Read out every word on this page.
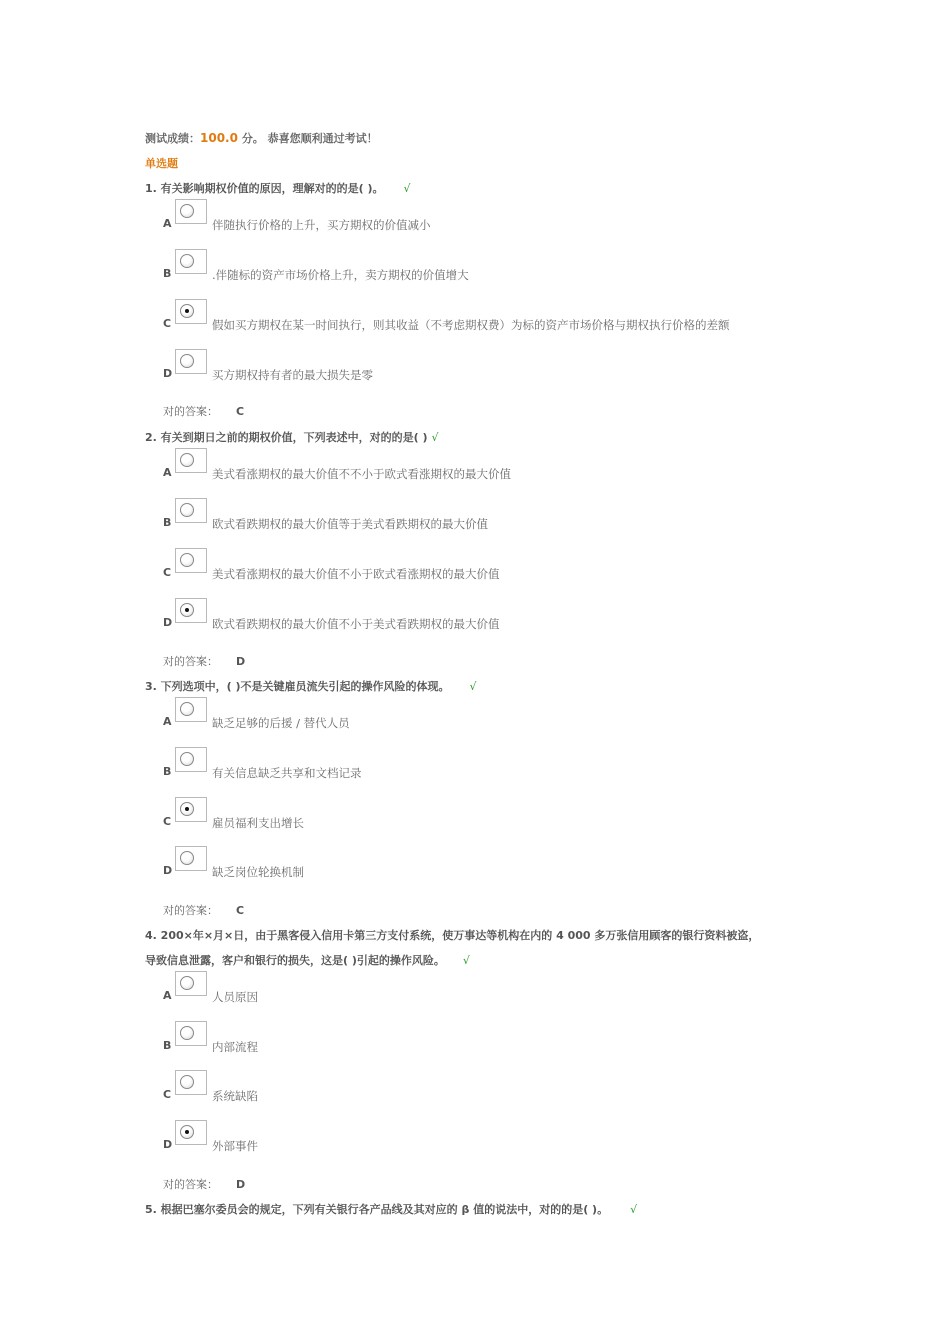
测试成绩：100.0 分。 恭喜您顺利通过考试！
单选题
1. 有关影响期权价值的原因，理解对的的是( )。 √
A	伴随执行价格的上升，买方期权的价值减小
B	.伴随标的资产市场价格上升，卖方期权的价值增大
C	假如买方期权在某一时间执行，则其收益（不考虑期权费）为标的资产市场价格与期权执行价格的差额
D	买方期权持有者的最大损失是零
对的答案： C
2. 有关到期日之前的期权价值，下列表述中，对的的是( ) √
A	美式看涨期权的最大价值不不小于欧式看涨期权的最大价值
B	欧式看跌期权的最大价值等于美式看跌期权的最大价值
C	美式看涨期权的最大价值不小于欧式看涨期权的最大价值
D	欧式看跌期权的最大价值不小于美式看跌期权的最大价值
对的答案： D
3. 下列选项中，( )不是关键雇员流失引起的操作风险的体现。 √
A	缺乏足够的后援 / 替代人员
B	有关信息缺乏共享和文档记录
C	雇员福利支出增长
D	缺乏岗位轮换机制
对的答案： C
4. 200×年×月×日，由于黑客侵入信用卡第三方支付系统，使万事达等机构在内的 4 000 多万张信用顾客的银行资料被盗，
导致信息泄露，客户和银行的损失，这是( )引起的操作风险。 √
A	人员原因
B	内部流程
C	系统缺陷
D	外部事件
对的答案： D
5. 根据巴塞尔委员会的规定，下列有关银行各产品线及其对应的 β 值的说法中，对的的是( )。 √
